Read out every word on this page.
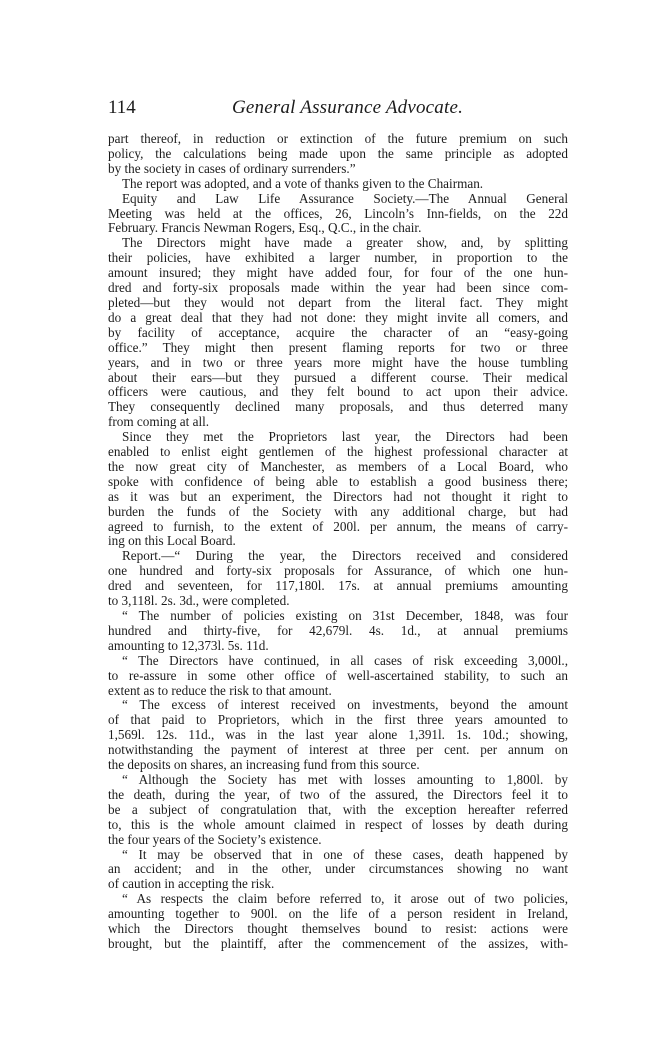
114	General Assurance Advocate.
part thereof, in reduction or extinction of the future premium on such
policy, the calculations being made upon the same principle as adopted
by the society in cases of ordinary surrenders.”
The report was adopted, and a vote of thanks given to the Chairman.
Equity and Law Life Assurance Society.—The Annual General
Meeting was held at the offices, 26, Lincoln’s Inn-fields, on the 22d
February. Francis Newman Rogers, Esq., Q.C., in the chair.
The Directors might have made a greater show, and, by splitting
their policies, have exhibited a larger number, in proportion to the
amount insured; they might have added four, for four of the one hun-
dred and forty-six proposals made within the year had been since com-
pleted—but they would not depart from the literal fact. They might
do a great deal that they had not done: they might invite all comers, and
by facility of acceptance, acquire the character of an “easy-going
office.” They might then present flaming reports for two or three
years, and in two or three years more might have the house tumbling
about their ears—but they pursued a different course. Their medical
officers were cautious, and they felt bound to act upon their advice.
They consequently declined many proposals, and thus deterred many
from coming at all.
Since they met the Proprietors last year, the Directors had been
enabled to enlist eight gentlemen of the highest professional character at
the now great city of Manchester, as members of a Local Board, who
spoke with confidence of being able to establish a good business there;
as it was but an experiment, the Directors had not thought it right to
burden the funds of the Society with any additional charge, but had
agreed to furnish, to the extent of 200l. per annum, the means of carry-
ing on this Local Board.
Report.—“ During the year, the Directors received and considered
one hundred and forty-six proposals for Assurance, of which one hun-
dred and seventeen, for 117,180l. 17s. at annual premiums amounting
to 3,118l. 2s. 3d., were completed.
“ The number of policies existing on 31st December, 1848, was four
hundred and thirty-five, for 42,679l. 4s. 1d., at annual premiums
amounting to 12,373l. 5s. 11d.
“ The Directors have continued, in all cases of risk exceeding 3,000l.,
to re-assure in some other office of well-ascertained stability, to such an
extent as to reduce the risk to that amount.
“ The excess of interest received on investments, beyond the amount
of that paid to Proprietors, which in the first three years amounted to
1,569l. 12s. 11d., was in the last year alone 1,391l. 1s. 10d.; showing,
notwithstanding the payment of interest at three per cent. per annum on
the deposits on shares, an increasing fund from this source.
“ Although the Society has met with losses amounting to 1,800l. by
the death, during the year, of two of the assured, the Directors feel it to
be a subject of congratulation that, with the exception hereafter referred
to, this is the whole amount claimed in respect of losses by death during
the four years of the Society’s existence.
“ It may be observed that in one of these cases, death happened by
an accident; and in the other, under circumstances showing no want
of caution in accepting the risk.
“ As respects the claim before referred to, it arose out of two policies,
amounting together to 900l. on the life of a person resident in Ireland,
which the Directors thought themselves bound to resist: actions were
brought, but the plaintiff, after the commencement of the assizes, with-
